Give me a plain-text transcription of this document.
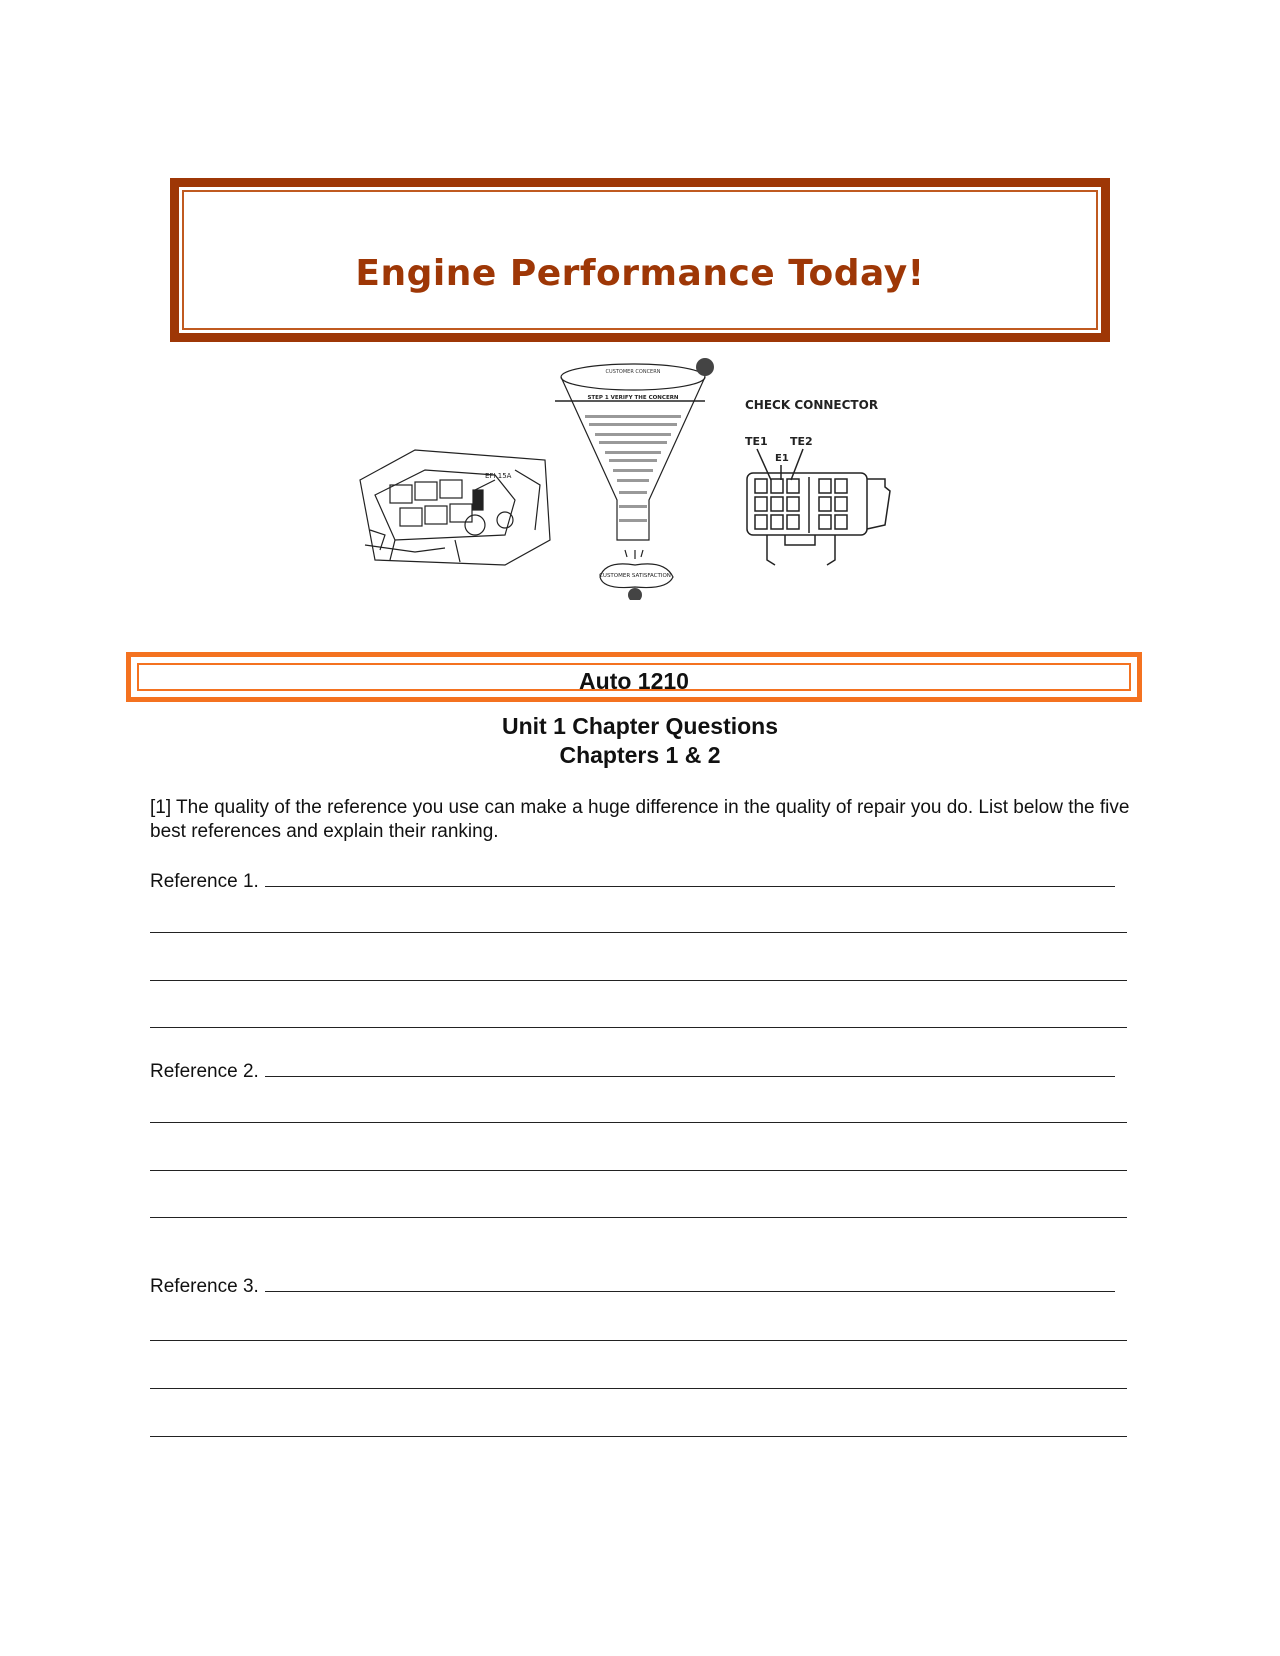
Engine Performance Today!
EFI 15A
CUSTOMER CONCERN
STEP 1 VERIFY THE CONCERN
CUSTOMER SATISFACTION
CHECK CONNECTOR
TE1 TE2
E1
Auto 1210
Unit 1 Chapter Questions
Chapters 1 & 2
[1] The quality of the reference you use can make a huge difference in the quality of repair you do. List below the five best references and explain their ranking.
Reference 1.
Reference 2.
Reference 3.
